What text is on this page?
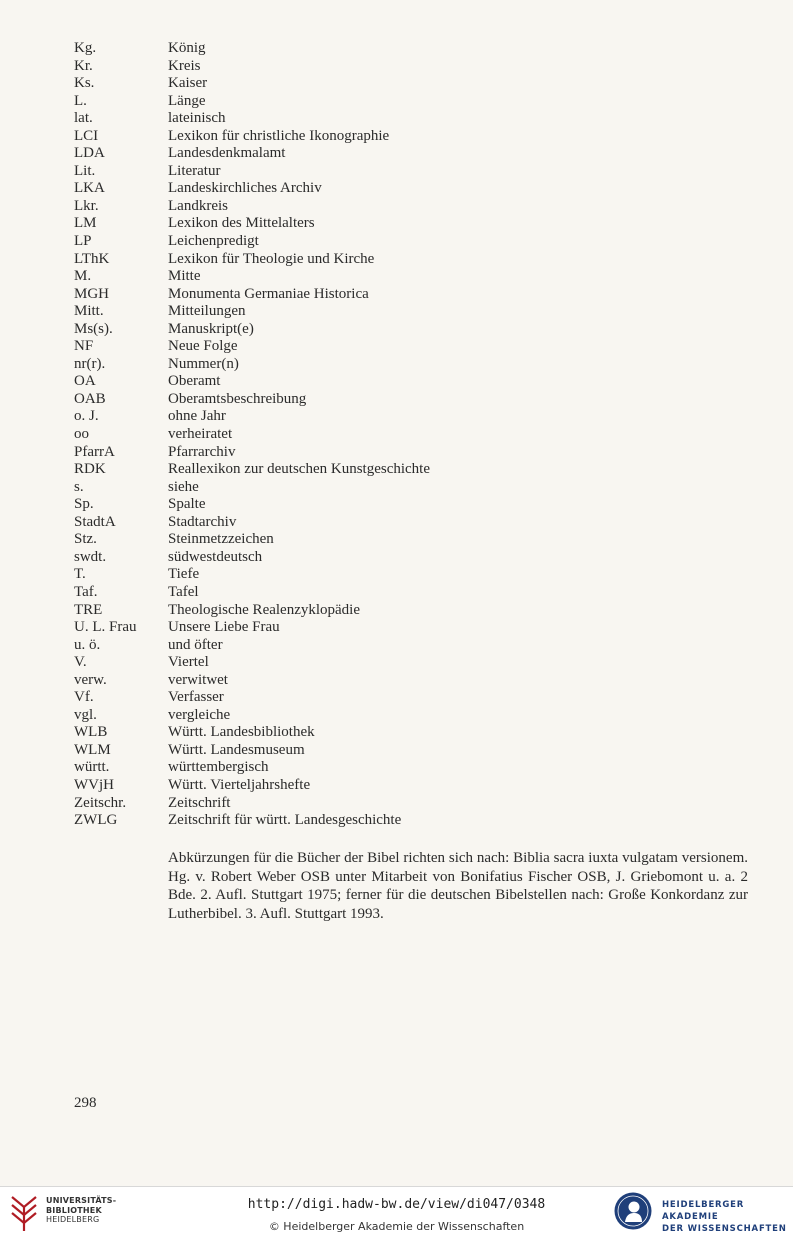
Kg.	König
Kr.	Kreis
Ks.	Kaiser
L.	Länge
lat.	lateinisch
LCI	Lexikon für christliche Ikonographie
LDA	Landesdenkmalamt
Lit.	Literatur
LKA	Landeskirchliches Archiv
Lkr.	Landkreis
LM	Lexikon des Mittelalters
LP	Leichenpredigt
LThK	Lexikon für Theologie und Kirche
M.	Mitte
MGH	Monumenta Germaniae Historica
Mitt.	Mitteilungen
Ms(s).	Manuskript(e)
NF	Neue Folge
nr(r).	Nummer(n)
OA	Oberamt
OAB	Oberamtsbeschreibung
o. J.	ohne Jahr
oo	verheiratet
PfarrA	Pfarrarchiv
RDK	Reallexikon zur deutschen Kunstgeschichte
s.	siehe
Sp.	Spalte
StadtA	Stadtarchiv
Stz.	Steinmetzzeichen
swdt.	südwestdeutsch
T.	Tiefe
Taf.	Tafel
TRE	Theologische Realenzyklopädie
U. L. Frau	Unsere Liebe Frau
u. ö.	und öfter
V.	Viertel
verw.	verwitwet
Vf.	Verfasser
vgl.	vergleiche
WLB	Württ. Landesbibliothek
WLM	Württ. Landesmuseum
württ.	württembergisch
WVjH	Württ. Vierteljahrshefte
Zeitschr.	Zeitschrift
ZWLG	Zeitschrift für württ. Landesgeschichte
Abkürzungen für die Bücher der Bibel richten sich nach: Biblia sacra iuxta vulgatam versionem. Hg. v. Robert Weber OSB unter Mitarbeit von Bonifatius Fischer OSB, J. Griebomont u. a. 2 Bde. 2. Aufl. Stuttgart 1975; ferner für die deutschen Bibelstellen nach: Große Konkordanz zur Lutherbibel. 3. Aufl. Stuttgart 1993.
298
UNIVERSITÄTS-
BIBLIOTHEK
HEIDELBERG
http://digi.hadw-bw.de/view/di047/0348
© Heidelberger Akademie der Wissenschaften
HEIDELBERGER AKADEMIE
DER WISSENSCHAFTEN
